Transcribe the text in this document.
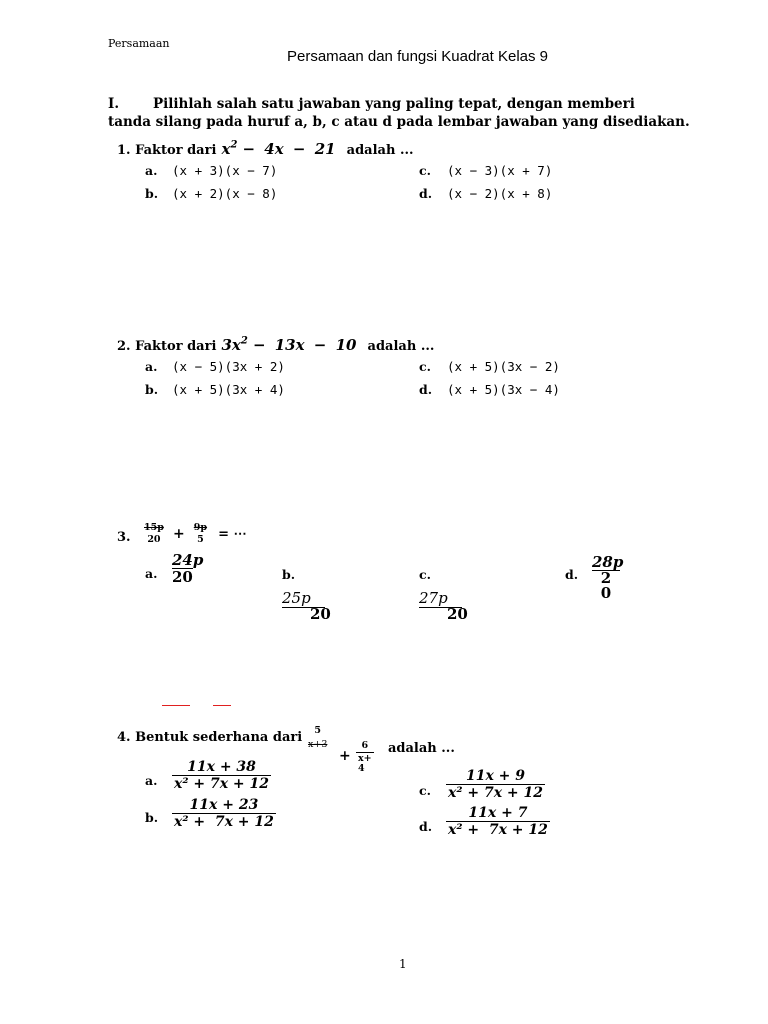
Persamaan
Persamaan dan fungsi Kuadrat Kelas 9
I.	Pilihlah salah satu jawaban yang paling tepat, dengan memberi
tanda silang pada huruf a, b, c atau d pada lembar jawaban yang disediakan.
1. Faktor dari $x^2 - 4x - 21$ adalah ...
a. (x + 3)(x − 7)
b. (x + 2)(x − 8)
c. (x − 3)(x + 7)
d. (x − 2)(x + 8)
2. Faktor dari $3x^2 - 13x - 10$ adalah ...
a. (x − 5)(3x + 2)
b. (x + 5)(3x + 4)
c. (x + 5)(3x − 2)
d. (x + 5)(3x − 4)
3.
15p
20 + 9p
5	= ⋯
a. $\frac{24p}{20}$	b.
25p
20
c.
27p
20
d.
28p
2
0
4. Bentuk sederhana dari	5
x+3
+
6
x+
4
adalah ...
a. $\frac{11x + 38}{\text{x² + 7x + 12}}$
b. $\frac{11x + 23}{\text{x² +  7x + 12}}$
c. $\frac{11x + 9}{\text{x² + 7x + 12}}$
d. $\frac{11x + 7}{\text{x² +  7x + 12}}$
1
